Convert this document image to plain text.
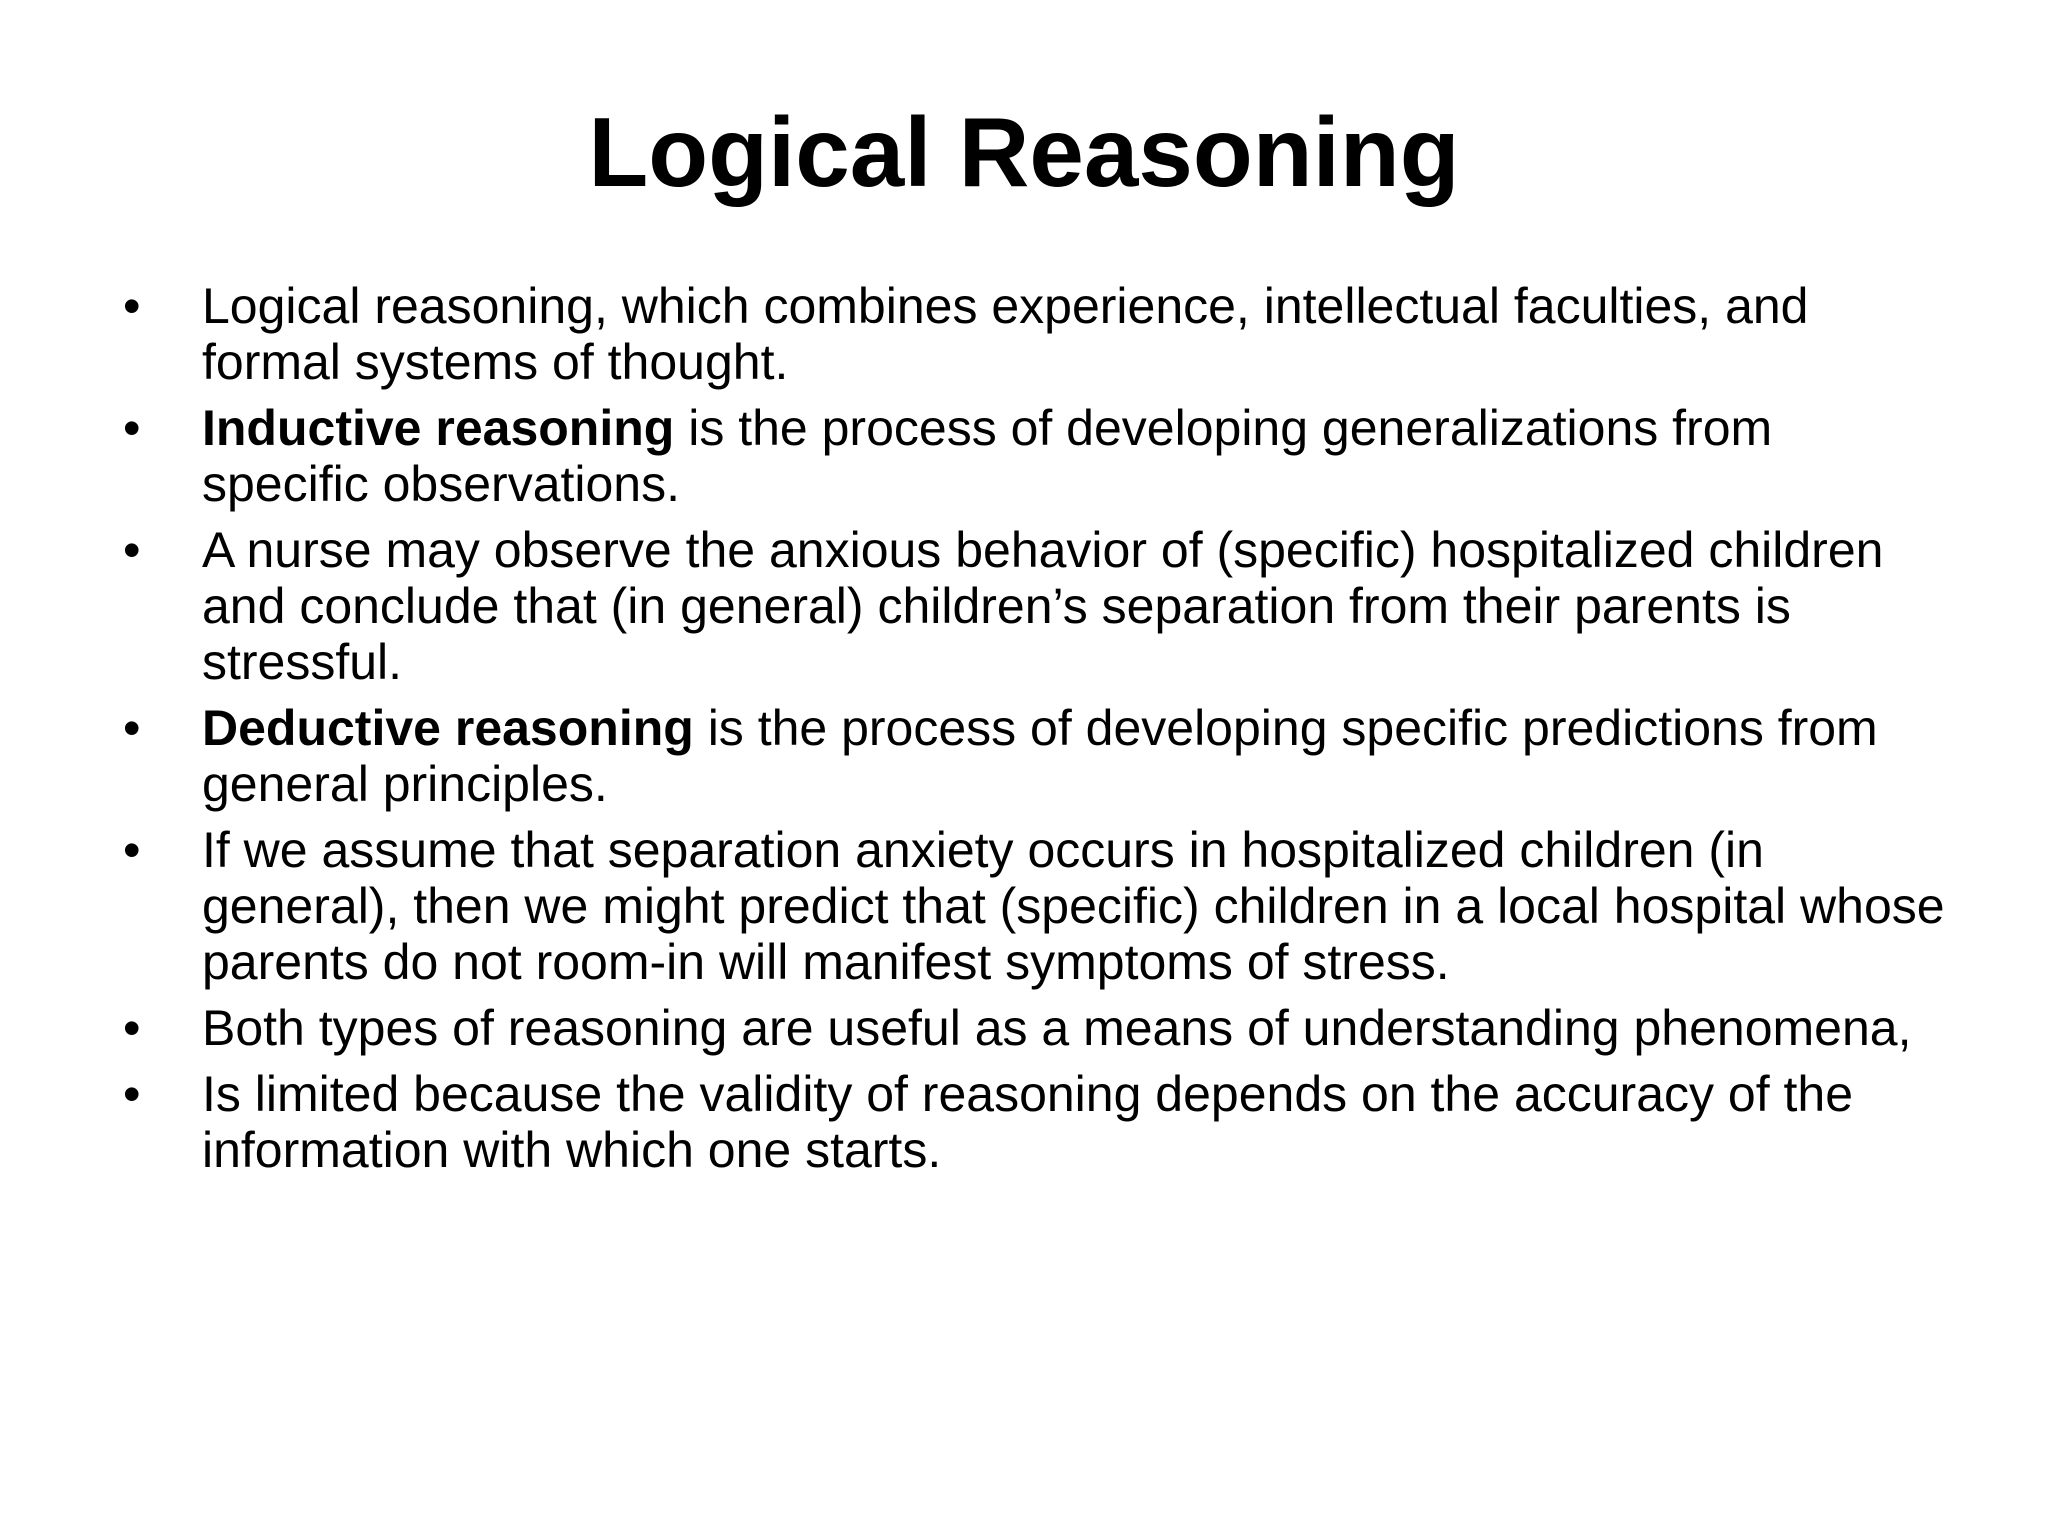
Logical Reasoning
•	Logical reasoning, which combines experience, intellectual faculties, and formal systems of thought.
•	Inductive reasoning is the process of developing generalizations from specific observations.
•	A nurse may observe the anxious behavior of (specific) hospitalized children and conclude that (in general) children’s separation from their parents is stressful.
•	Deductive reasoning is the process of developing specific predictions from general principles.
•	If we assume that separation anxiety occurs in hospitalized children (in general), then we might predict that (specific) children in a local hospital whose parents do not room-in will manifest symptoms of stress.
•	Both types of reasoning are useful as a means of understanding phenomena,
•	Is limited because the validity of reasoning depends on the accuracy of the information with which one starts.
